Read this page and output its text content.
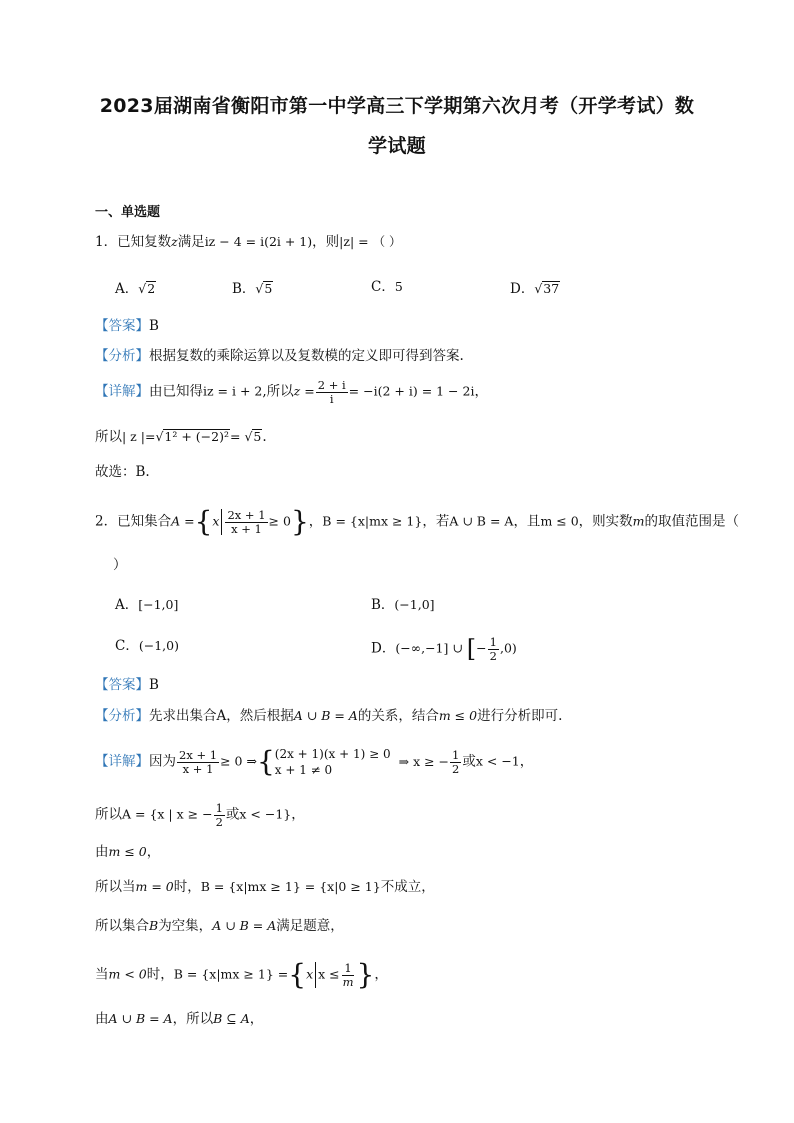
2023届湖南省衡阳市第一中学高三下学期第六次月考（开学考试）数
学试题
一、单选题
1．已知复数z满足iz − 4 = i(2i + 1)，则|z| = （ ）
A．√2	B．√5	C．5	D．√37
【答案】B
【分析】根据复数的乘除运算以及复数模的定义即可得到答案.
【详解】由已知得iz = i + 2,所以$z = \frac{2 + i}{i} = -i(2 + i) = 1 - 2i$，
所以| z |=√1² + (−2)²= √5.
故选：B.
2．已知集合$A =\{x \frac{2x + 1}{x + 1} \ge 0\}$，B = {x|mx ≥ 1}，若A ∪ B = A，且m ≤ 0，则实数m的取值范围是（
）
A．[−1,0]	B．(−1,0]
C．(−1,0)	D．(−∞,−1] ∪ [− $\frac{1}{2} ,0$)
【答案】B
【分析】先求出集合A，然后根据A ∪ B = A的关系，结合m ≤ 0进行分析即可.
【详解】因为 $\frac{2x + 1}{x + 1} \ge 0$ ⇒{ (2x + 1)(x + 1) ≥ 0
x + 1 ≠ 0
⇒ x ≥ − $\frac{1}{2}$ 或x < −1，
所以A = {x | x ≥ − $\frac{1}{2}$ 或x < −1}，
由m ≤ 0，
所以当m = 0时，B = {x|mx ≥ 1} = {x|0 ≥ 1}不成立，
所以集合B为空集，A ∪ B = A满足题意，
当m < 0时，B = {x|mx ≥ 1} ={x $x \le \frac{1}{m}$ }，
由A ∪ B = A，所以B ⊆ A，
